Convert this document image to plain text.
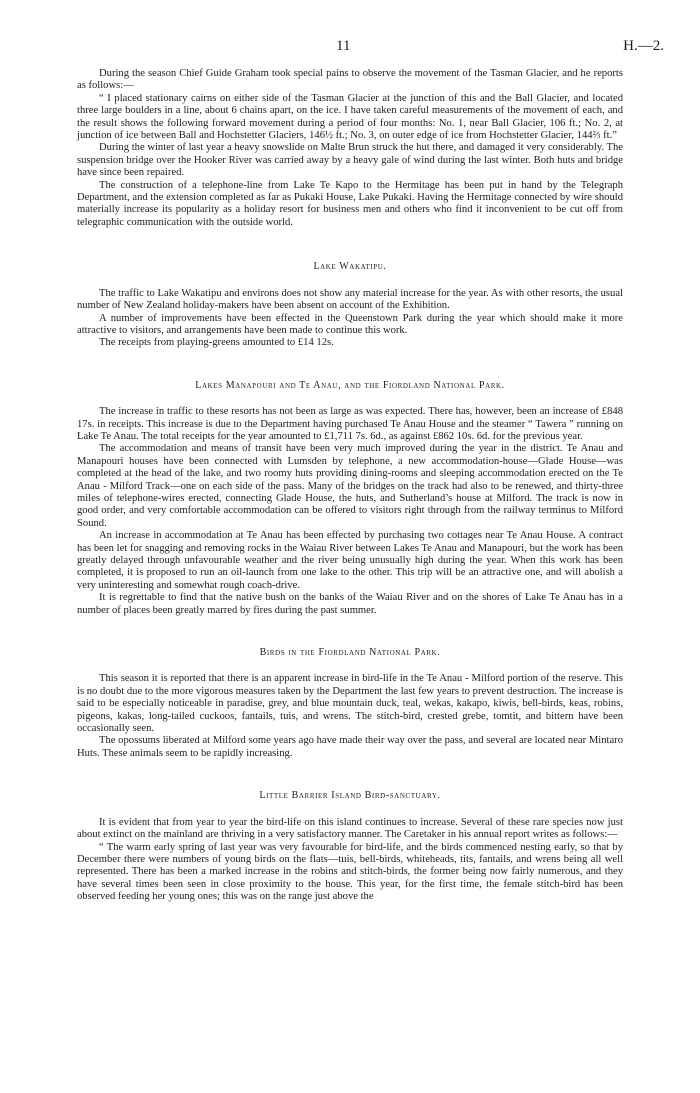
11	H.—2.

During the season Chief Guide Graham took special pains to observe the movement of the Tasman Glacier, and he reports as follows:—

“ I placed stationary cairns on either side of the Tasman Glacier at the junction of this and the Ball Glacier, and located three large boulders in a line, about 6 chains apart, on the ice. I have taken careful measurements of the movement of each, and the result shows the following forward movement during a period of four months: No. 1, near Ball Glacier, 106 ft.; No. 2, at junction of ice between Ball and Hochstetter Glaciers, 146½ ft.; No. 3, on outer edge of ice from Hochstetter Glacier, 144⅔ ft.”

During the winter of last year a heavy snowslide on Malte Brun struck the hut there, and damaged it very considerably. The suspension bridge over the Hooker River was carried away by a heavy gale of wind during the last winter. Both huts and bridge have since been repaired.

The construction of a telephone-line from Lake Te Kapo to the Hermitage has been put in hand by the Telegraph Department, and the extension completed as far as Pukaki House, Lake Pukaki. Having the Hermitage connected by wire should materially increase its popularity as a holiday resort for business men and others who find it inconvenient to be cut off from telegraphic communication with the outside world.

Lake Wakatipu.

The traffic to Lake Wakatipu and environs does not show any material increase for the year. As with other resorts, the usual number of New Zealand holiday-makers have been absent on account of the Exhibition.

A number of improvements have been effected in the Queenstown Park during the year which should make it more attractive to visitors, and arrangements have been made to continue this work.

The receipts from playing-greens amounted to £14 12s.

Lakes Manapouri and Te Anau, and the Fiordland National Park.

The increase in traffic to these resorts has not been as large as was expected. There has, however, been an increase of £848 17s. in receipts. This increase is due to the Department having purchased Te Anau House and the steamer “ Tawera ” running on Lake Te Anau. The total receipts for the year amounted to £1,711 7s. 6d., as against £862 10s. 6d. for the previous year.

The accommodation and means of transit have been very much improved during the year in the district. Te Anau and Manapouri houses have been connected with Lumsden by telephone, a new accommodation-house—Glade House—was completed at the head of the lake, and two roomy huts providing dining-rooms and sleeping accommodation erected on the Te Anau - Milford Track—one on each side of the pass. Many of the bridges on the track had also to be renewed, and thirty-three miles of telephone-wires erected, connecting Glade House, the huts, and Sutherland’s house at Milford. The track is now in good order, and very comfortable accommodation can be offered to visitors right through from the railway terminus to Milford Sound.

An increase in accommodation at Te Anau has been effected by purchasing two cottages near Te Anau House. A contract has been let for snagging and removing rocks in the Waiau River between Lakes Te Anau and Manapouri, but the work has been greatly delayed through unfavourable weather and the river being unusually high during the year. When this work has been completed, it is proposed to run an oil-launch from one lake to the other. This trip will be an attractive one, and will abolish a very uninteresting and somewhat rough coach-drive.

It is regrettable to find that the native bush on the banks of the Waiau River and on the shores of Lake Te Anau has in a number of places been greatly marred by fires during the past summer.

Birds in the Fiordland National Park.

This season it is reported that there is an apparent increase in bird-life in the Te Anau - Milford portion of the reserve. This is no doubt due to the more vigorous measures taken by the Department the last few years to prevent destruction. The increase is said to be especially noticeable in paradise, grey, and blue mountain duck, teal, wekas, kakapo, kiwis, bell-birds, keas, robins, pigeons, kakas, long-tailed cuckoos, fantails, tuis, and wrens. The stitch-bird, crested grebe, tomtit, and bittern have been occasionally seen.

The opossums liberated at Milford some years ago have made their way over the pass, and several are located near Mintaro Huts. These animals seem to be rapidly increasing.

Little Barrier Island Bird-sanctuary.

It is evident that from year to year the bird-life on this island continues to increase. Several of these rare species now just about extinct on the mainland are thriving in a very satisfactory manner. The Caretaker in his annual report writes as follows:—

“ The warm early spring of last year was very favourable for bird-life, and the birds commenced nesting early, so that by December there were numbers of young birds on the flats—tuis, bell-birds, whiteheads, tits, fantails, and wrens being all well represented. There has been a marked increase in the robins and stitch-birds, the former being now fairly numerous, and they have several times been seen in close proximity to the house. This year, for the first time, the female stitch-bird has been observed feeding her young ones; this was on the range just above the
